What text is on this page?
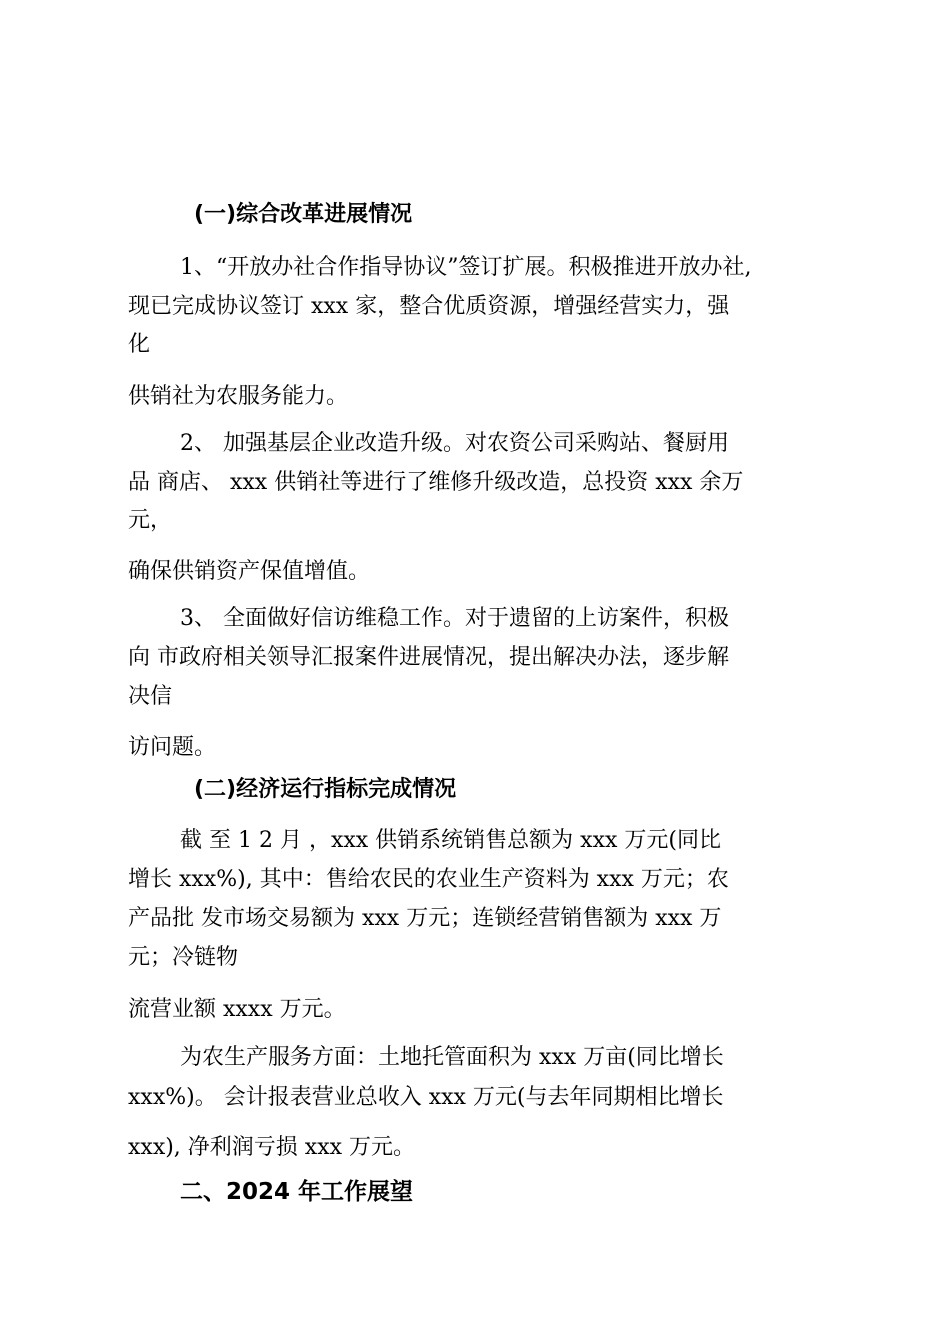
(一)综合改革进展情况
1、“开放办社合作指导协议”签订扩展。积极推进开放办社,
现已完成协议签订 xxx 家，整合优质资源，增强经营实力，强
化
供销社为农服务能力。
2、 加强基层企业改造升级。对农资公司采购站、餐厨用
品 商店、 xxx 供销社等进行了维修升级改造，总投资 xxx 余万
元，
确保供销资产保值增值。
3、 全面做好信访维稳工作。对于遗留的上访案件，积极
向 市政府相关领导汇报案件进展情况，提出解决办法，逐步解
决信
访问题。
(二)经济运行指标完成情况
截 至 1 2 月 ，xxx 供销系统销售总额为 xxx 万元(同比
增长 xxx%), 其中：售给农民的农业生产资料为 xxx 万元；农
产品批 发市场交易额为 xxx 万元；连锁经营销售额为 xxx 万
元；冷链物
流营业额 xxxx 万元。
为农生产服务方面：土地托管面积为 xxx 万亩(同比增长
xxx%)。 会计报表营业总收入 xxx 万元(与去年同期相比增长
xxx), 净利润亏损 xxx 万元。
二、2024 年工作展望
